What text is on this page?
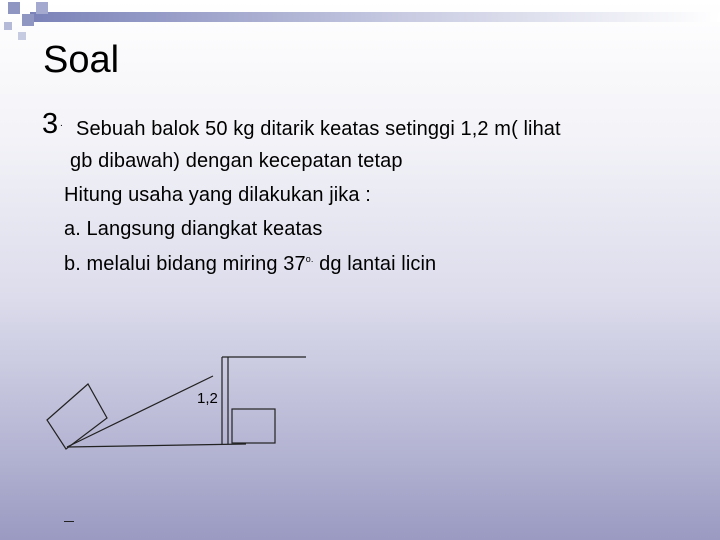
Soal
3 . Sebuah balok 50 kg ditarik keatas setinggi 1,2 m( lihat
gb dibawah) dengan kecepatan tetap
Hitung usaha yang dilakukan jika :
a. Langsung diangkat keatas
b. melalui bidang miring $37^{o.}$ dg lantai licin
1,2
